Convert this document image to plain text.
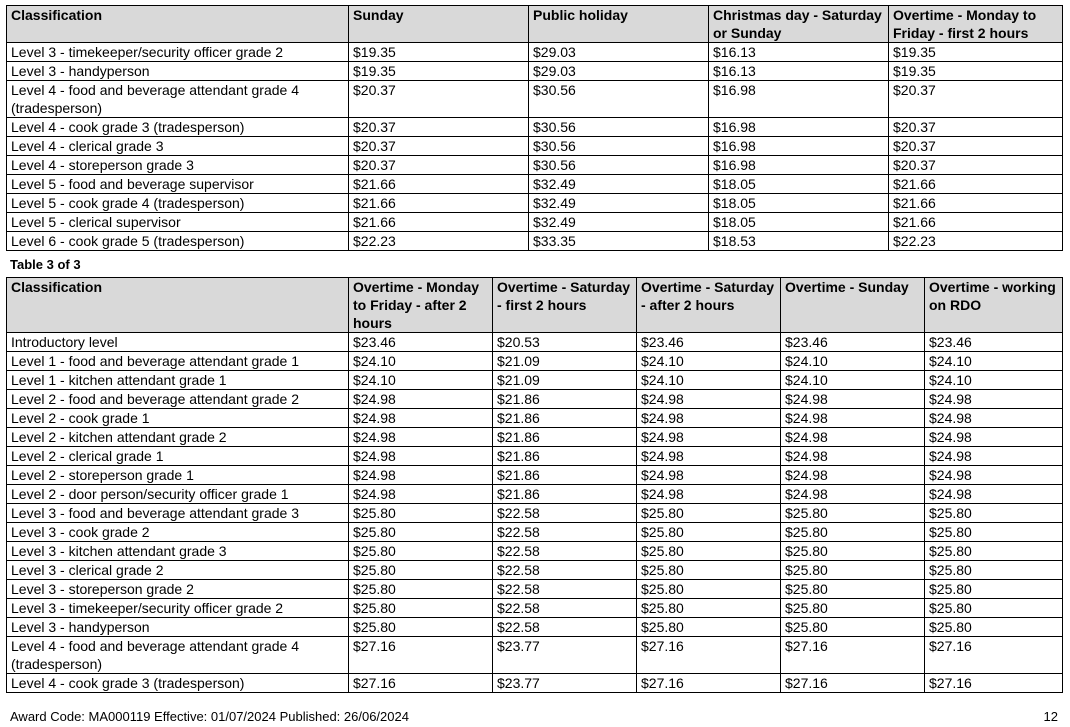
Classification	Sunday	Public holiday	Christmas day - Saturday or Sunday	Overtime - Monday to Friday - first 2 hours
Level 3 - timekeeper/security officer grade 2	$19.35	$29.03	$16.13	$19.35
Level 3 - handyperson	$19.35	$29.03	$16.13	$19.35
Level 4 - food and beverage attendant grade 4 (tradesperson)	$20.37	$30.56	$16.98	$20.37
Level 4 - cook grade 3 (tradesperson)	$20.37	$30.56	$16.98	$20.37
Level 4 - clerical grade 3	$20.37	$30.56	$16.98	$20.37
Level 4 - storeperson grade 3	$20.37	$30.56	$16.98	$20.37
Level 5 - food and beverage supervisor	$21.66	$32.49	$18.05	$21.66
Level 5 - cook grade 4 (tradesperson)	$21.66	$32.49	$18.05	$21.66
Level 5 - clerical supervisor	$21.66	$32.49	$18.05	$21.66
Level 6 - cook grade 5 (tradesperson)	$22.23	$33.35	$18.53	$22.23
Table 3 of 3
Classification	Overtime - Monday to Friday - after 2 hours	Overtime - Saturday - first 2 hours	Overtime - Saturday - after 2 hours	Overtime - Sunday	Overtime - working on RDO
Introductory level	$23.46	$20.53	$23.46	$23.46	$23.46
Level 1 - food and beverage attendant grade 1	$24.10	$21.09	$24.10	$24.10	$24.10
Level 1 - kitchen attendant grade 1	$24.10	$21.09	$24.10	$24.10	$24.10
Level 2 - food and beverage attendant grade 2	$24.98	$21.86	$24.98	$24.98	$24.98
Level 2 - cook grade 1	$24.98	$21.86	$24.98	$24.98	$24.98
Level 2 - kitchen attendant grade 2	$24.98	$21.86	$24.98	$24.98	$24.98
Level 2 - clerical grade 1	$24.98	$21.86	$24.98	$24.98	$24.98
Level 2 - storeperson grade 1	$24.98	$21.86	$24.98	$24.98	$24.98
Level 2 - door person/security officer grade 1	$24.98	$21.86	$24.98	$24.98	$24.98
Level 3 - food and beverage attendant grade 3	$25.80	$22.58	$25.80	$25.80	$25.80
Level 3 - cook grade 2	$25.80	$22.58	$25.80	$25.80	$25.80
Level 3 - kitchen attendant grade 3	$25.80	$22.58	$25.80	$25.80	$25.80
Level 3 - clerical grade 2	$25.80	$22.58	$25.80	$25.80	$25.80
Level 3 - storeperson grade 2	$25.80	$22.58	$25.80	$25.80	$25.80
Level 3 - timekeeper/security officer grade 2	$25.80	$22.58	$25.80	$25.80	$25.80
Level 3 - handyperson	$25.80	$22.58	$25.80	$25.80	$25.80
Level 4 - food and beverage attendant grade 4 (tradesperson)	$27.16	$23.77	$27.16	$27.16	$27.16
Level 4 - cook grade 3 (tradesperson)	$27.16	$23.77	$27.16	$27.16	$27.16
Award Code: MA000119 Effective: 01/07/2024 Published: 26/06/2024	12
